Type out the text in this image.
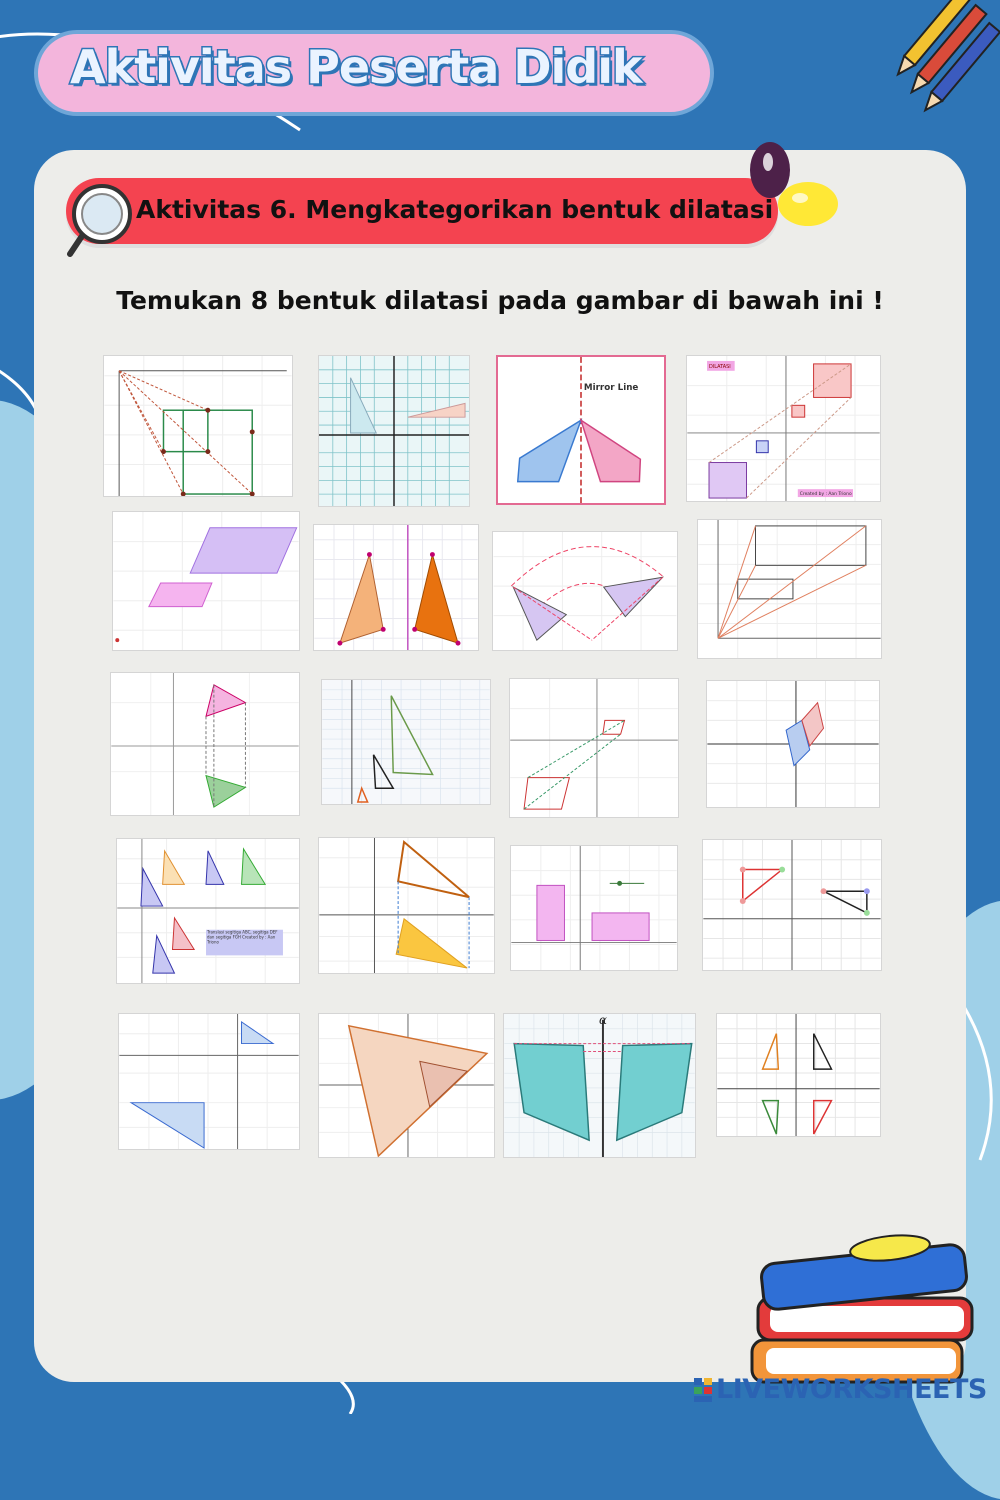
Aktivitas Peserta Didik
Aktivitas 6. Mengkategorikan bentuk dilatasi
Temukan 8 bentuk dilatasi pada gambar di bawah ini !
Mirror Line
DILATASI
Created by : Aan Triono
Translasi segitiga ABC, segitiga DEF dan segitiga FGH Created by : Aan Triono
α
LIVEWORKSHEETS
